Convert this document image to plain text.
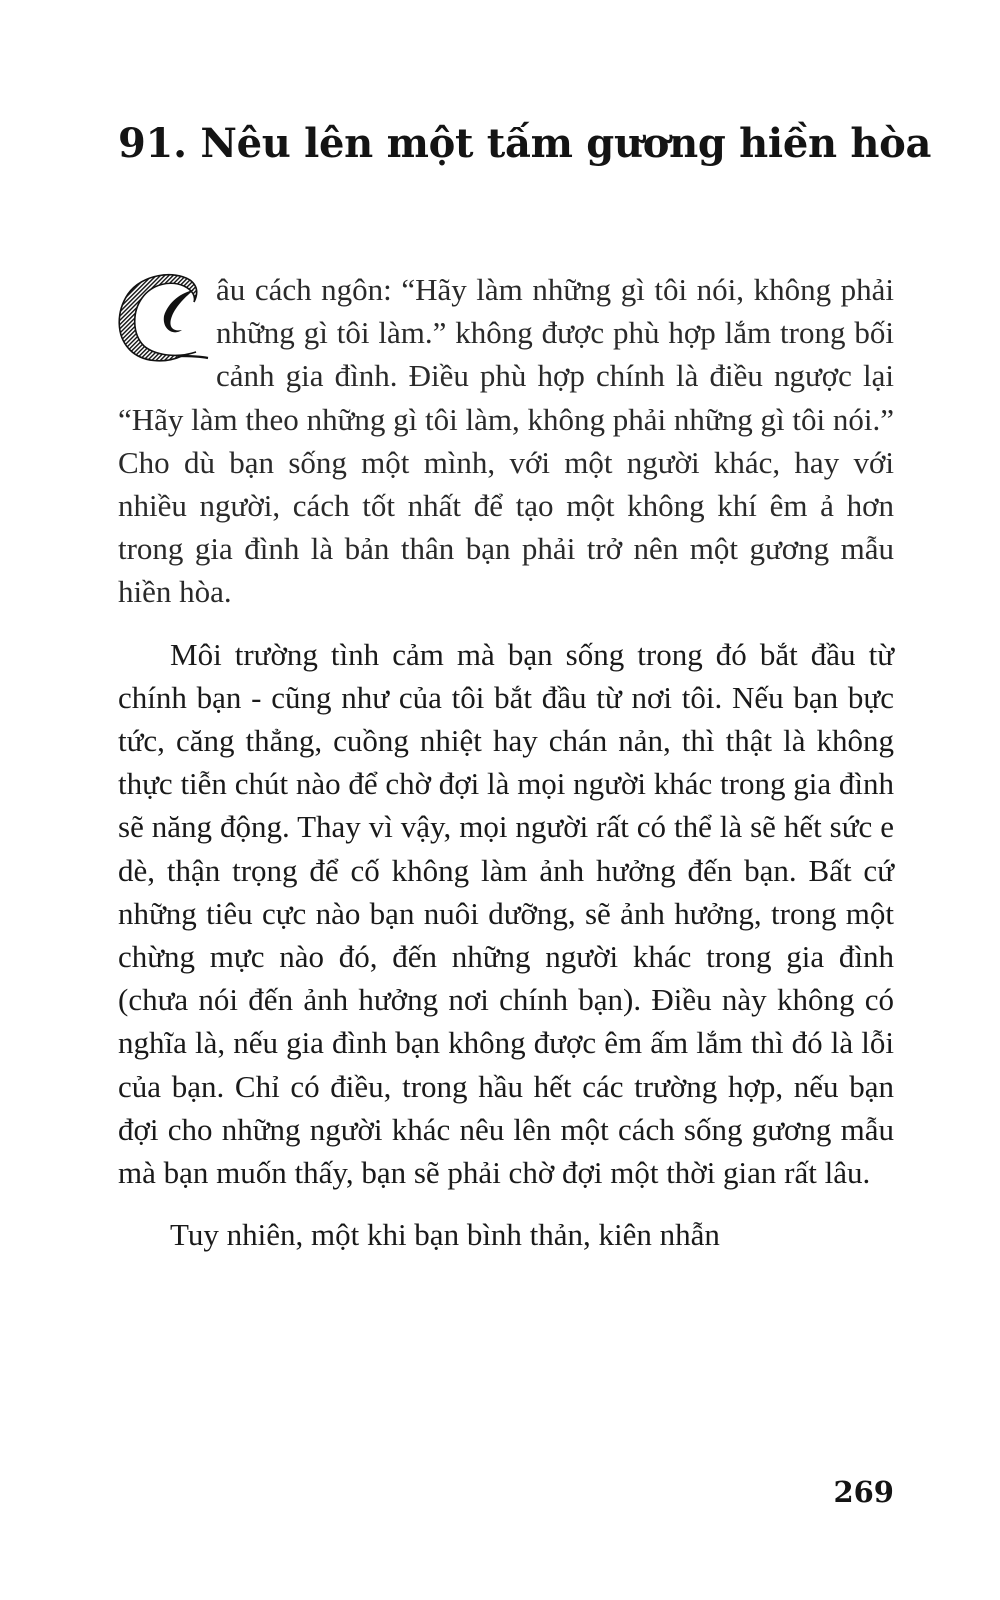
91. Nêu lên một tấm gương hiền hòa

âu cách ngôn: “Hãy làm những gì tôi nói, không phải những gì tôi làm.” không được phù hợp lắm trong bối cảnh gia đình. Điều phù hợp chính là điều ngược lại “Hãy làm theo những gì tôi làm, không phải những gì tôi nói.” Cho dù bạn sống một mình, với một người khác, hay với nhiều người, cách tốt nhất để tạo một không khí êm ả hơn trong gia đình là bản thân bạn phải trở nên một gương mẫu hiền hòa.

Môi trường tình cảm mà bạn sống trong đó bắt đầu từ chính bạn - cũng như của tôi bắt đầu từ nơi tôi. Nếu bạn bực tức, căng thẳng, cuồng nhiệt hay chán nản, thì thật là không thực tiễn chút nào để chờ đợi là mọi người khác trong gia đình sẽ năng động. Thay vì vậy, mọi người rất có thể là sẽ hết sức e dè, thận trọng để cố không làm ảnh hưởng đến bạn. Bất cứ những tiêu cực nào bạn nuôi dưỡng, sẽ ảnh hưởng, trong một chừng mực nào đó, đến những người khác trong gia đình (chưa nói đến ảnh hưởng nơi chính bạn). Điều này không có nghĩa là, nếu gia đình bạn không được êm ấm lắm thì đó là lỗi của bạn. Chỉ có điều, trong hầu hết các trường hợp, nếu bạn đợi cho những người khác nêu lên một cách sống gương mẫu mà bạn muốn thấy, bạn sẽ phải chờ đợi một thời gian rất lâu.

Tuy nhiên, một khi bạn bình thản, kiên nhẫn

269
